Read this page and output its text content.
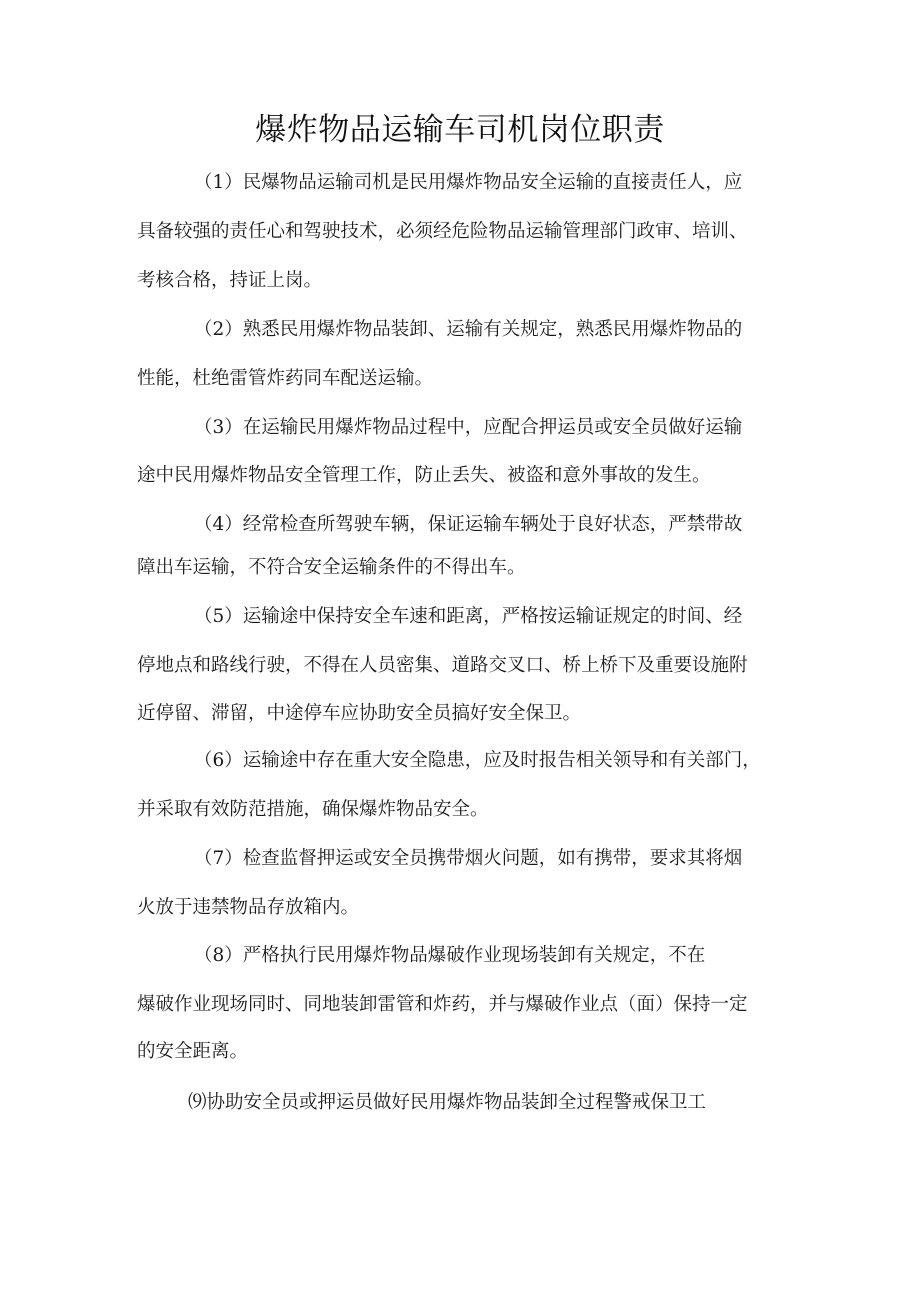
爆炸物品运输车司机岗位职责
（1）民爆物品运输司机是民用爆炸物品安全运输的直接责任人，应
具备较强的责任心和驾驶技术，必须经危险物品运输管理部门政审、培训、
考核合格，持证上岗。
（2）熟悉民用爆炸物品装卸、运输有关规定，熟悉民用爆炸物品的
性能，杜绝雷管炸药同车配送运输。
（3）在运输民用爆炸物品过程中，应配合押运员或安全员做好运输
途中民用爆炸物品安全管理工作，防止丢失、被盗和意外事故的发生。
（4）经常检查所驾驶车辆，保证运输车辆处于良好状态，严禁带故
障出车运输，不符合安全运输条件的不得出车。
（5）运输途中保持安全车速和距离，严格按运输证规定的时间、经
停地点和路线行驶，不得在人员密集、道路交叉口、桥上桥下及重要设施附
近停留、滞留，中途停车应协助安全员搞好安全保卫。
（6）运输途中存在重大安全隐患，应及时报告相关领导和有关部门，
并采取有效防范措施，确保爆炸物品安全。
（7）检查监督押运或安全员携带烟火问题，如有携带，要求其将烟
火放于违禁物品存放箱内。
（8）严格执行民用爆炸物品爆破作业现场装卸有关规定，不在
爆破作业现场同时、同地装卸雷管和炸药，并与爆破作业点（面）保持一定
的安全距离。
⑼协助安全员或押运员做好民用爆炸物品装卸全过程警戒保卫工
